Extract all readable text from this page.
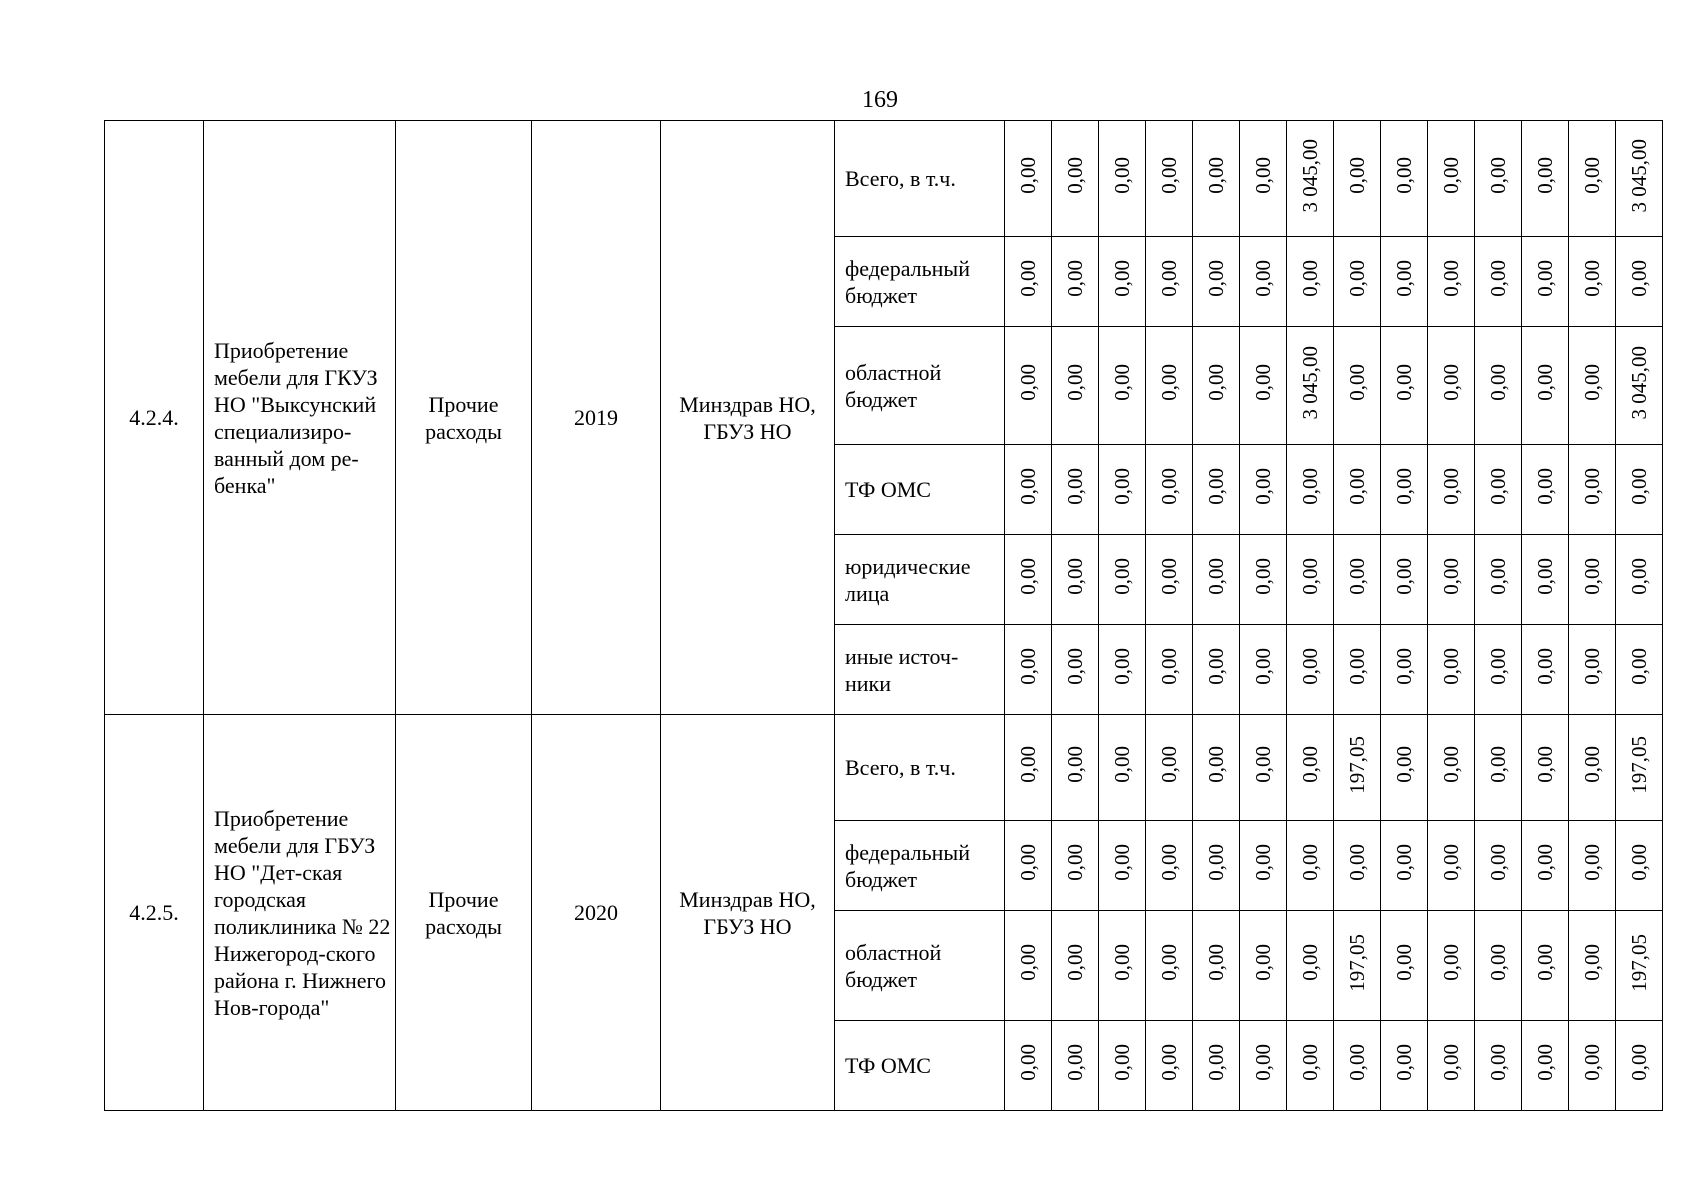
169
4.2.4.	Приобретение мебели для ГКУЗ НО "Выксунский специализиро-ванный дом ре-бенка"	Прочие расходы	2019	Минздрав НО, ГБУЗ НО	Всего, в т.ч.	0,00	0,00	0,00	0,00	0,00	0,00	3 045,00	0,00	0,00	0,00	0,00	0,00	0,00	3 045,00
					федеральный бюджет	0,00	0,00	0,00	0,00	0,00	0,00	0,00	0,00	0,00	0,00	0,00	0,00	0,00	0,00
					областной бюджет	0,00	0,00	0,00	0,00	0,00	0,00	3 045,00	0,00	0,00	0,00	0,00	0,00	0,00	3 045,00
					ТФ ОМС	0,00	0,00	0,00	0,00	0,00	0,00	0,00	0,00	0,00	0,00	0,00	0,00	0,00	0,00
					юридические лица	0,00	0,00	0,00	0,00	0,00	0,00	0,00	0,00	0,00	0,00	0,00	0,00	0,00	0,00
					иные источ-ники	0,00	0,00	0,00	0,00	0,00	0,00	0,00	0,00	0,00	0,00	0,00	0,00	0,00	0,00
4.2.5.	Приобретение мебели для ГБУЗ НО "Дет-ская городская поликлиника № 22 Нижегород-ского района г. Нижнего Нов-города"	Прочие расходы	2020	Минздрав НО, ГБУЗ НО	Всего, в т.ч.	0,00	0,00	0,00	0,00	0,00	0,00	0,00	197,05	0,00	0,00	0,00	0,00	0,00	197,05
					федеральный бюджет	0,00	0,00	0,00	0,00	0,00	0,00	0,00	0,00	0,00	0,00	0,00	0,00	0,00	0,00
					областной бюджет	0,00	0,00	0,00	0,00	0,00	0,00	0,00	197,05	0,00	0,00	0,00	0,00	0,00	197,05
					ТФ ОМС	0,00	0,00	0,00	0,00	0,00	0,00	0,00	0,00	0,00	0,00	0,00	0,00	0,00	0,00
